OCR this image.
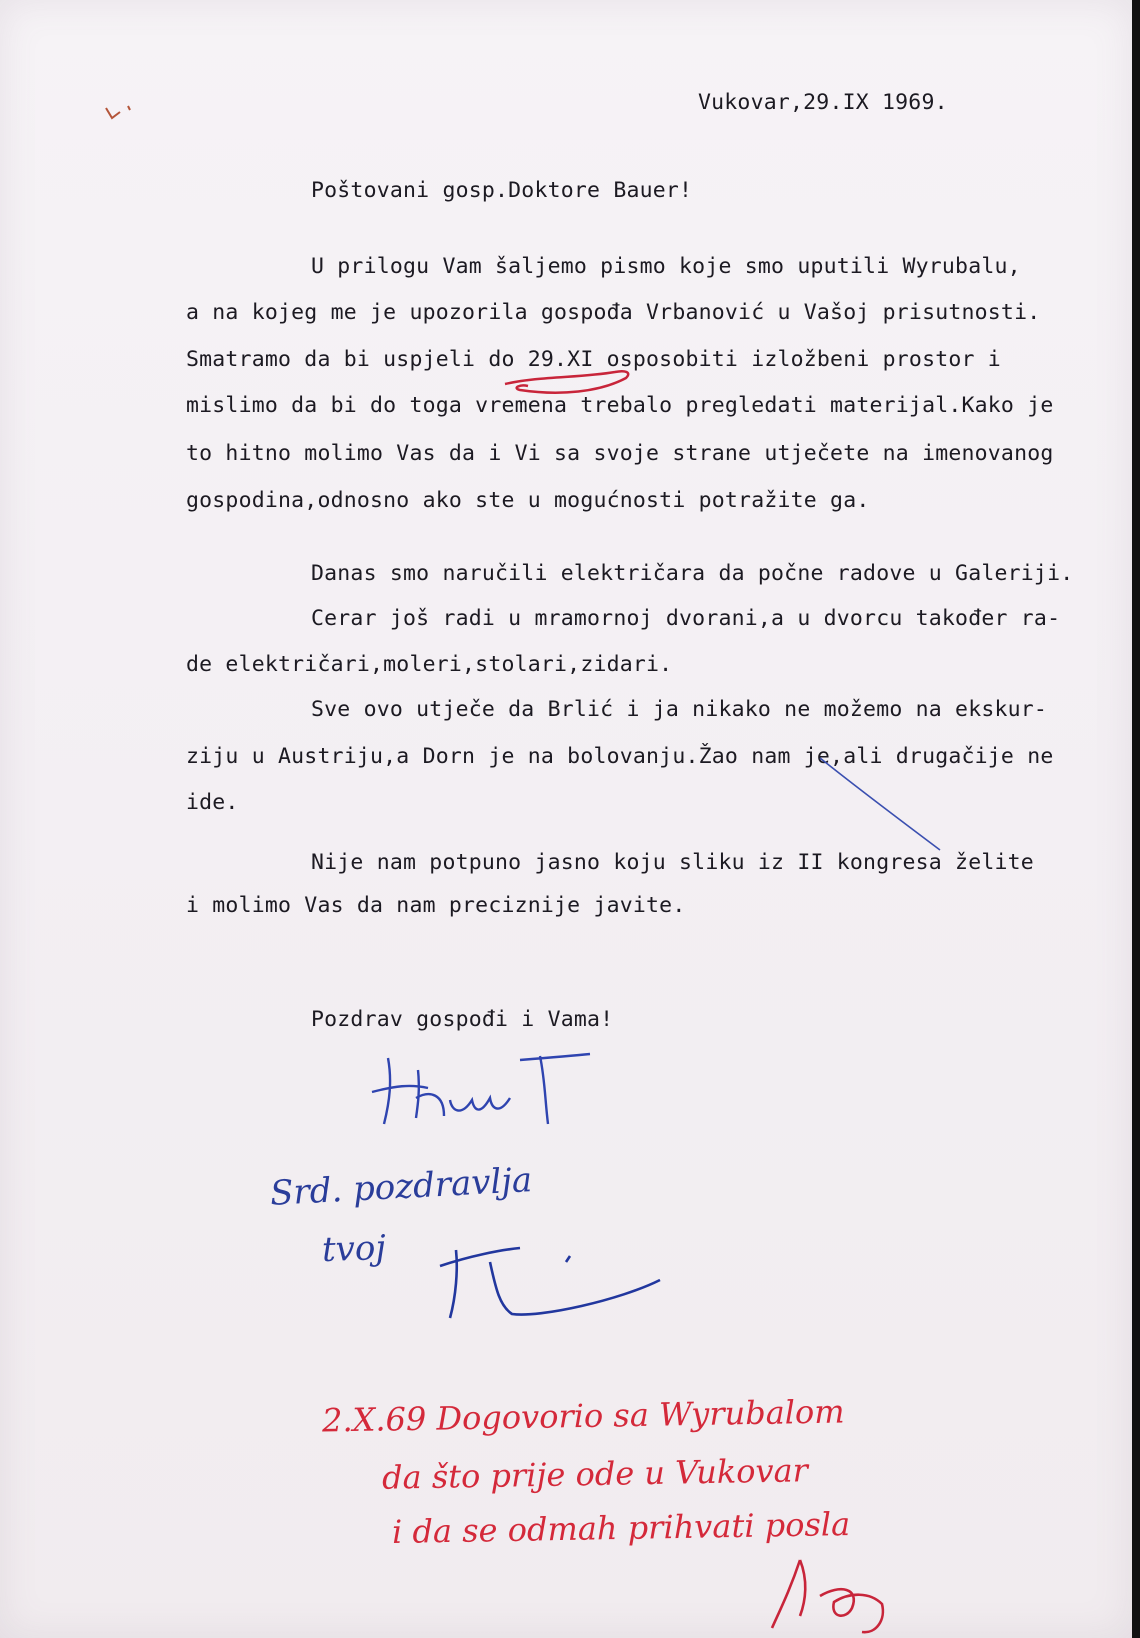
Vukovar,29.IX 1969.
Poštovani gosp.Doktore Bauer!
U prilogu Vam šaljemo pismo koje smo uputili Wyrubalu,
a na kojeg me je upozorila gospođa Vrbanović u Vašoj prisutnosti.
Smatramo da bi uspjeli do 29.XI osposobiti izložbeni prostor i
mislimo da bi do toga vremena trebalo pregledati materijal.Kako je
to hitno molimo Vas da i Vi sa svoje strane utječete na imenovanog
gospodina,odnosno ako ste u mogućnosti potražite ga.
Danas smo naručili električara da počne radove u Galeriji.
Cerar još radi u mramornoj dvorani,a u dvorcu također ra-
de električari,moleri,stolari,zidari.
Sve ovo utječe da Brlić i ja nikako ne možemo na ekskur-
ziju u Austriju,a Dorn je na bolovanju.Žao nam je,ali drugačije ne
ide.
Nije nam potpuno jasno koju sliku iz II kongresa želite
i molimo Vas da nam preciznije javite.
Pozdrav gospođi i Vama!
Srd. pozdravlja
tvoj
2.X.69 Dogovorio sa Wyrubalom
da što prije ode u Vukovar
i da se odmah prihvati posla
